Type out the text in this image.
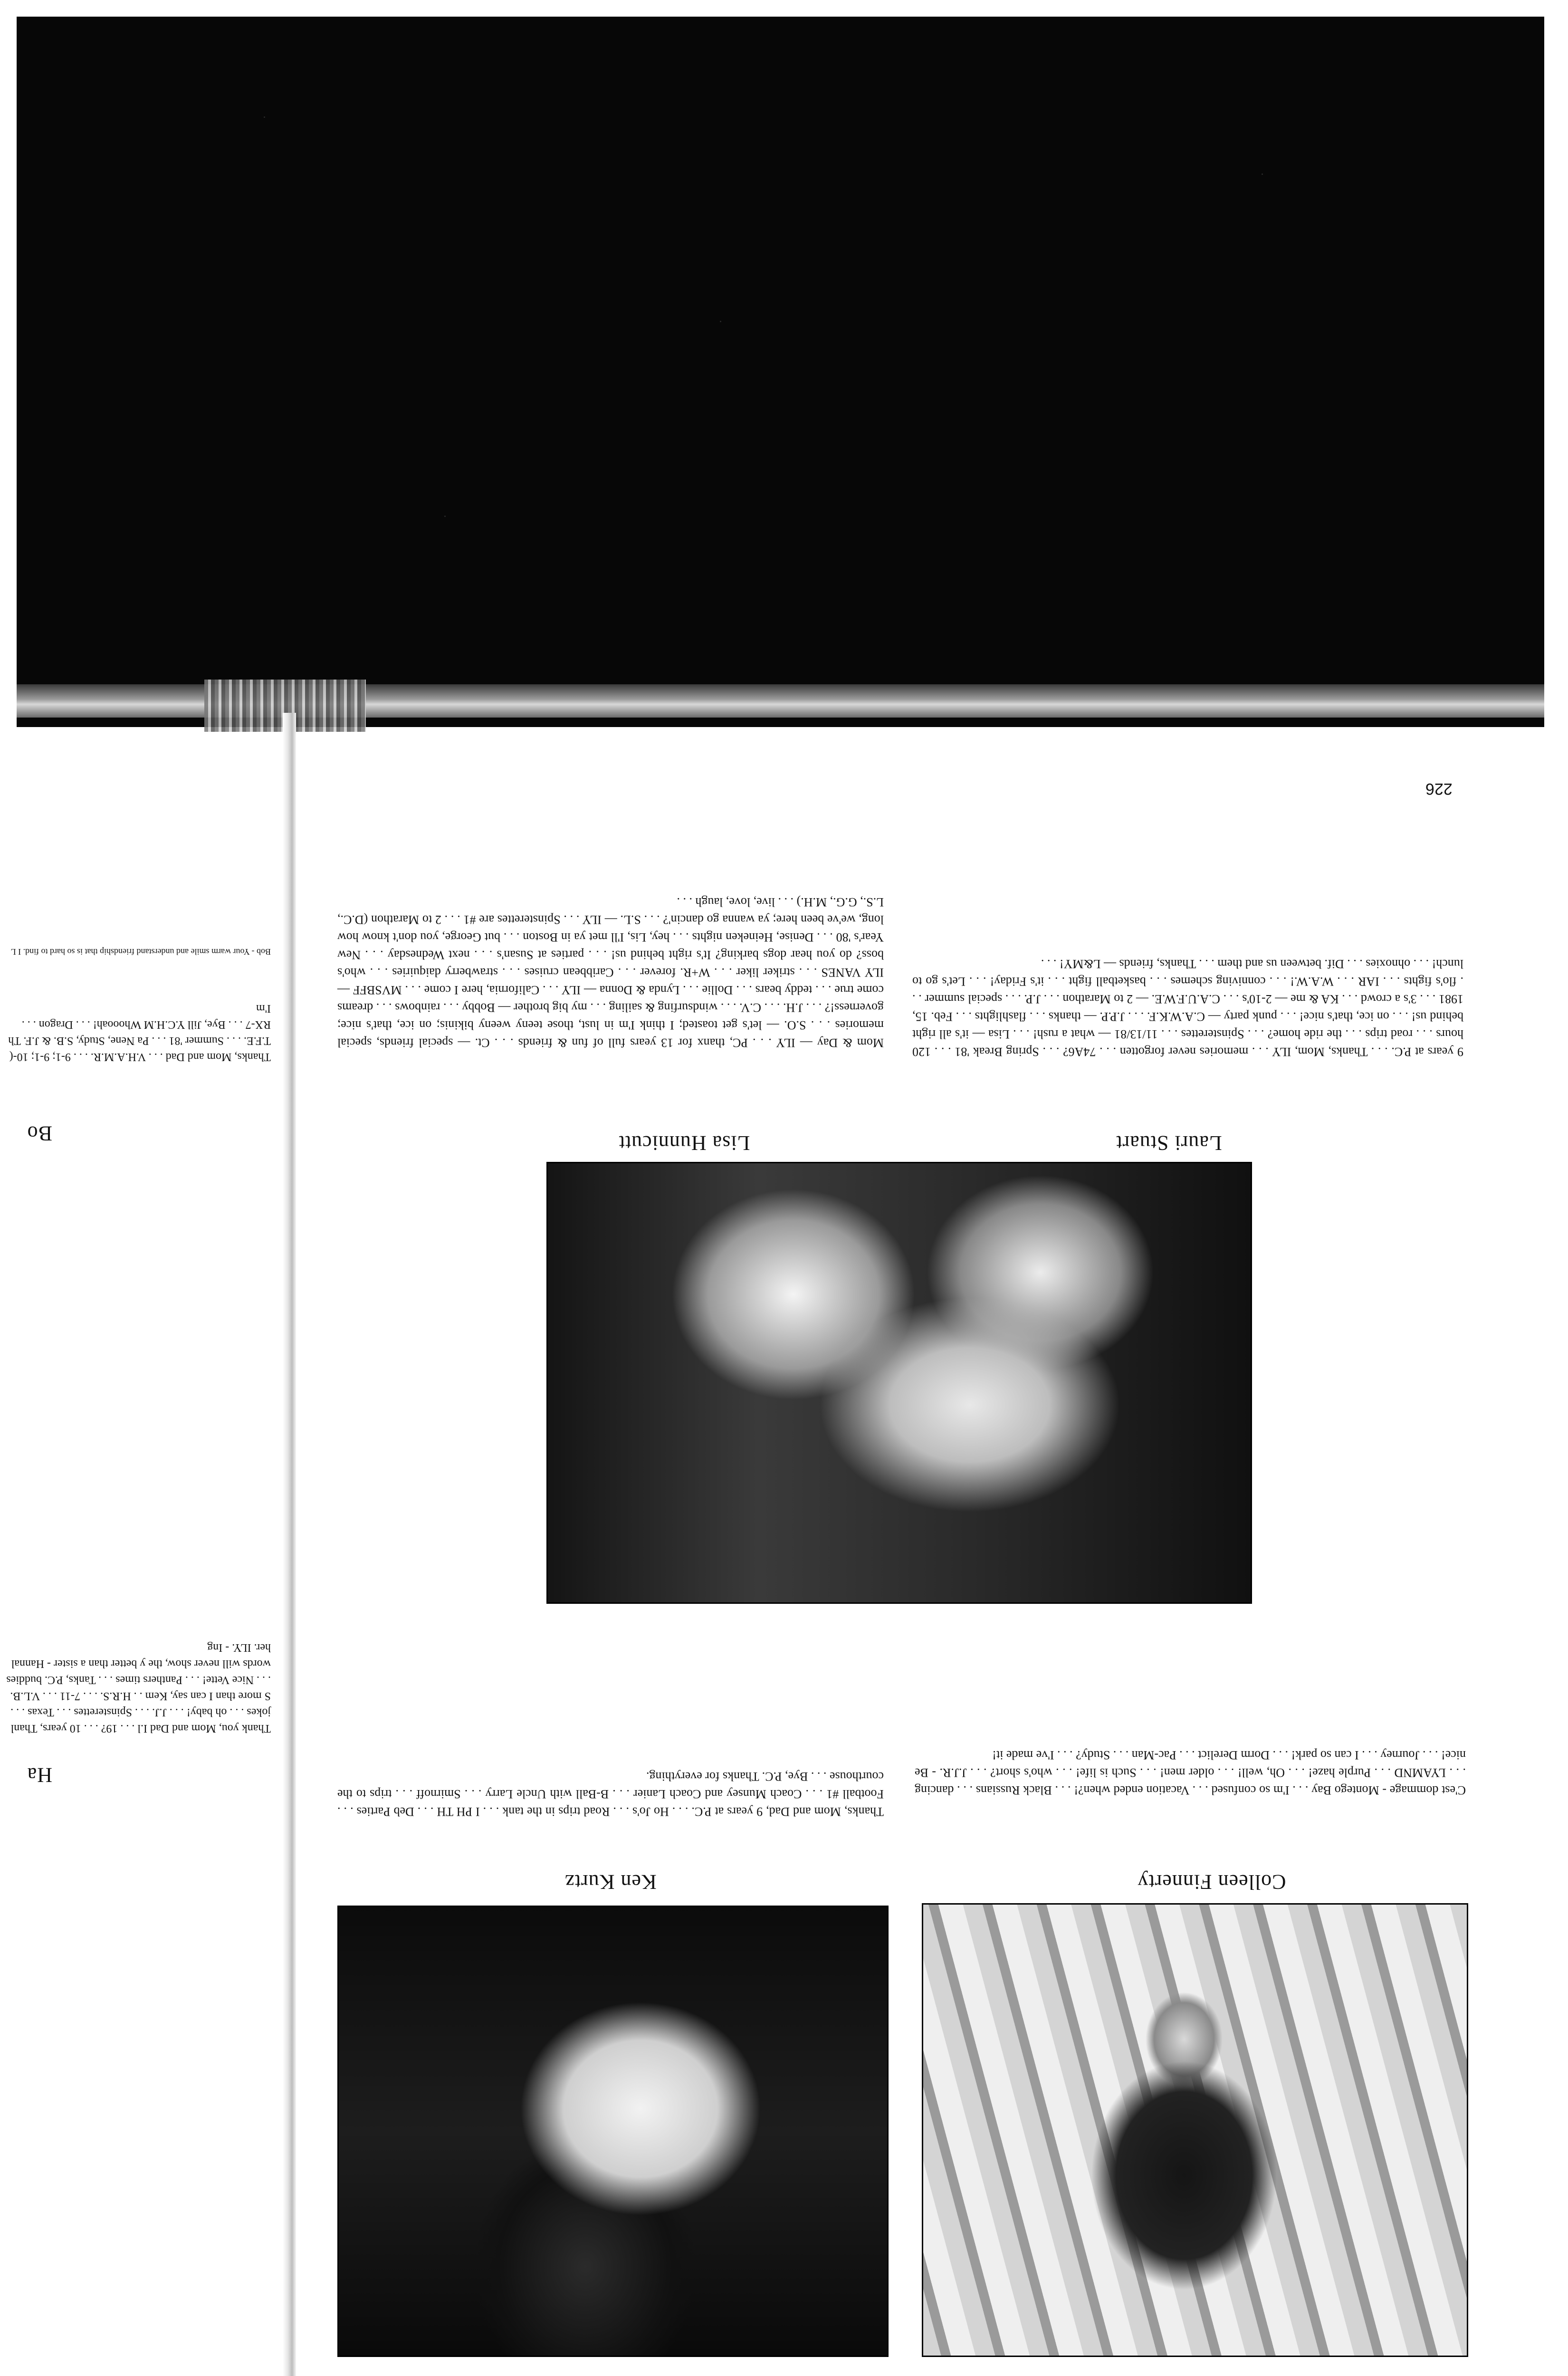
Lauri Stuart
Lisa Hunnicutt
Colleen Finnerty
Ken Kurtz
9 years at P.C. . . . Thanks, Mom, ILY . . . memories never forgotten . . . 74A6? . . . Spring Break '81 . . . 120 hours . . . road trips . . . the ride home? . . . Spinsterettes . . . 11/13/81 — what a rush! . . . Lisa — it's all right behind us! . . . on ice, that's nice! . . . punk party — C.A.W.K.F. . . . J.P.P. — thanks . . . flashlights . . . Feb. 15, 1981 . . . 3's a crowd . . . KA & me — 2-10's . . . C.A.U.F.W.E. — 2 to Marathon . . . J.P. . . . special summer . . . flo's fights . . . IAR . . . W.A.W.! . . . conniving schemes . . . basketball fight . . . it's Friday! . . . Let's go to lunch! . . . ohnoxies . . . Dif. between us and them . . . Thanks, friends — L&MY! . . .
Mom & Day — ILY . . . PC, thanx for 13 years full of fun & friends . . . Ct. — special friends, special memories . . . S.O. — let's get toasted; I think I'm in lust, those teeny weeny bikinis; on ice, that's nice; governess!? . . . J.H. . . . C.V. . . . windsurfing & sailing . . . my big brother — Bobby . . . rainbows . . . dreams come true . . . teddy bears . . . Dollie . . . Lynda & Donna — ILY . . . California, here I come . . . MVSBFF — ILY VANES . . . striker liker . . . W+R. forever . . . Caribbean cruises . . . strawberry daiquiries . . . who's boss? do you hear dogs barking? It's right behind us! . . . parties at Susan's . . . next Wednesday . . . New Year's '80 . . . Denise, Heineken nights . . . hey, Lis, I'll met ya in Boston . . . but George, you don't know how long, we've been here; ya wanna go dancin'? . . . S.L. — ILY . . . Spinsterettes are #1 . . . 2 to Marathon (D.C., L.S., G.G., M.H.) . . . live, love, laugh . . .
C'est dommage - Montego Bay . . . I'm so confused . . . Vacation ended when?! . . . Black Russians . . . dancing . . . LYAMND . . . Purple haze! . . . Oh, well! . . . older men! . . . Such is life! . . . who's short? . . . J.J.R. - Be nice! . . . Journey . . . I can so park! . . . Dorm Derelict . . . Pac-Man . . . Study? . . . I've made it!
Thanks, Mom and Dad, 9 years at P.C. . . . Ho Jo's . . . Road trips in the tank . . . I PH TH . . . Deb Parties . . . Football #1 . . . Coach Munsey and Coach Lanier . . . B-Ball with Uncle Larry . . . Smirnoff . . . trips to the courthouse . . . Bye, P.C. Thanks for everything.
226
Bo
Ha
Thanks, Mom and Dad . . . V.H.A.M.R. . . . 9-1; 9-1; 10-( T.F.E. . . . Summer '81 . . . Pa Nene, Study, S.B. & J.F. Th RX-7 . . . Bye, Jill Y.C.H.M Whoooah! . . . Dragon . . . I'm
Bob - Your warm smile and understand friendship that is so hard to find. I L
Thank you, Mom and Dad I.l . . . 19? . . . 10 years, Thanl jokes . . . oh baby! . . . J.J. . . . Spinsterettes . . . Texas . . . S more than I can say, Kem . . H.R.S. . . . 7-11 . . . V.L.B. . . . Nice Vette! . . . Panthers times . . . Tanks, P.C. buddies words will never show, the y better than a sister - Hannal her. ILY. - Ing
